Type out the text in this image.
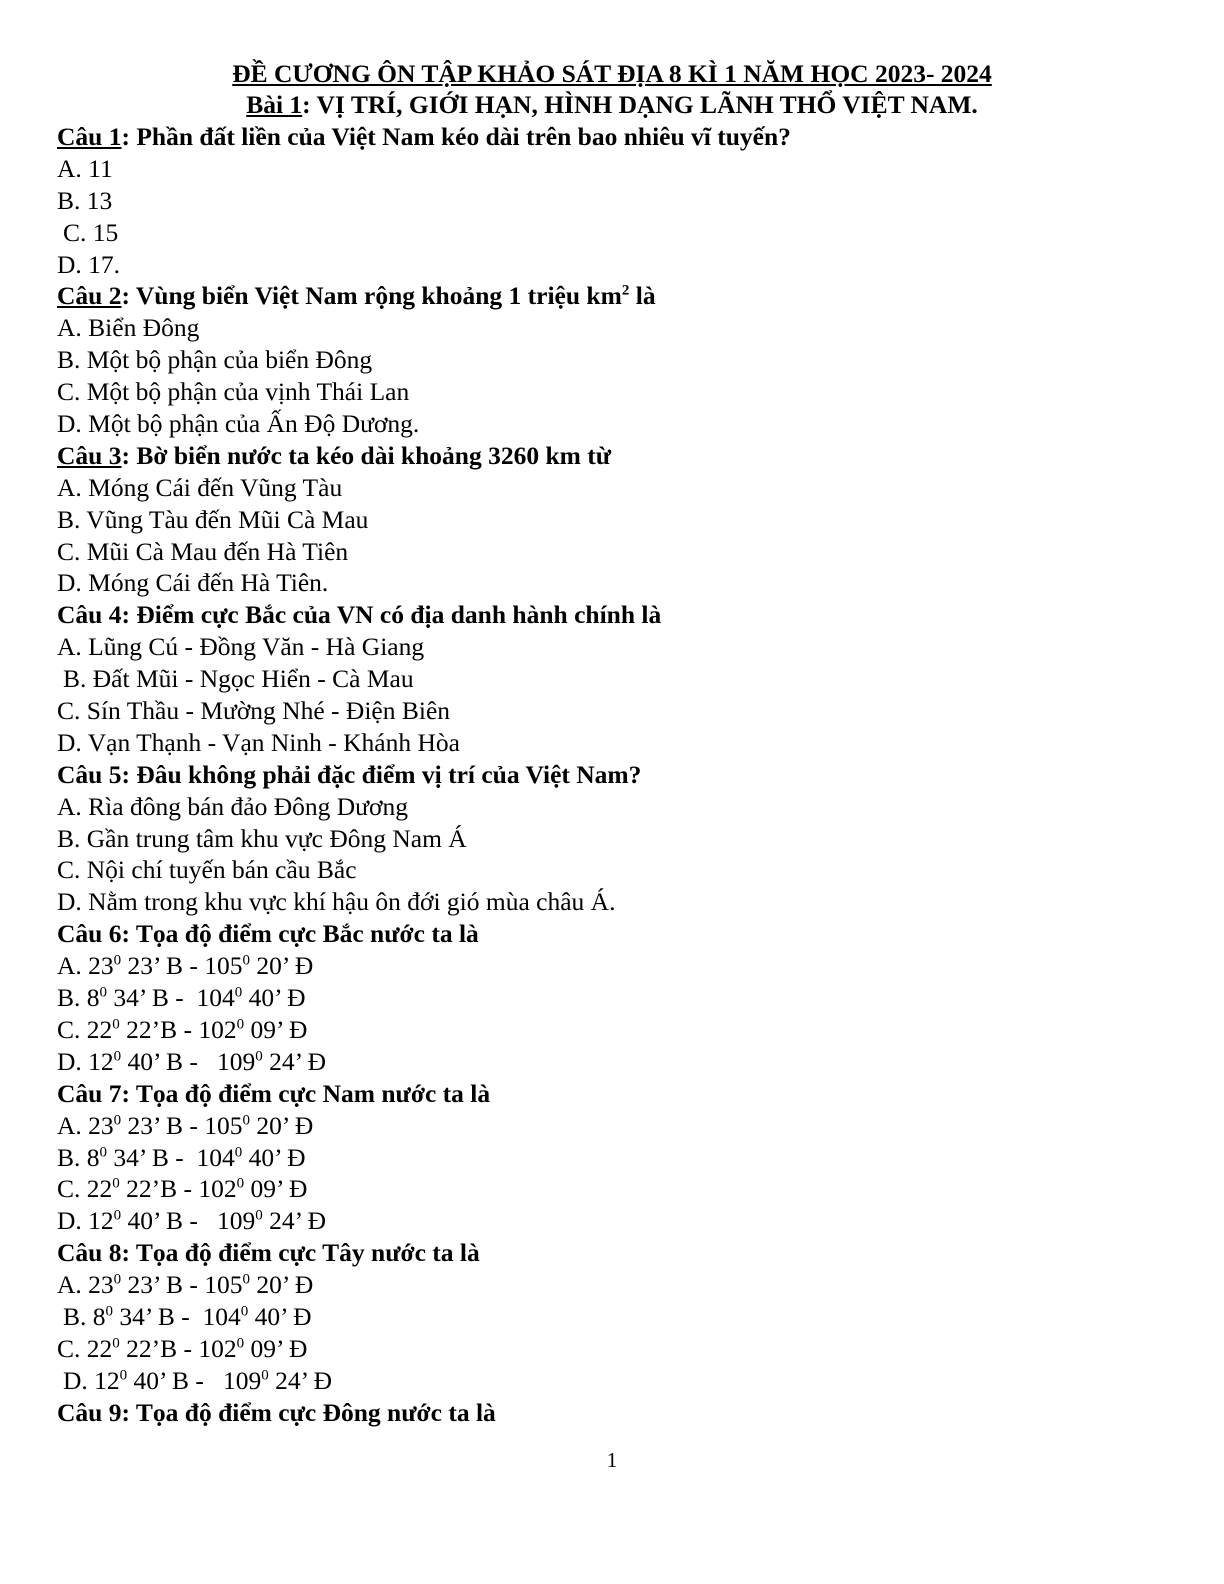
ĐỀ CƯƠNG ÔN TẬP KHẢO SÁT ĐỊA 8 KÌ 1 NĂM HỌC 2023- 2024
Bài 1: VỊ TRÍ, GIỚI HẠN, HÌNH DẠNG LÃNH THỔ VIỆT NAM.
Câu 1: Phần đất liền của Việt Nam kéo dài trên bao nhiêu vĩ tuyến?
A. 11
B. 13
C. 15
D. 17.
Câu 2: Vùng biển Việt Nam rộng khoảng 1 triệu $km^2$ là
A. Biển Đông
B. Một bộ phận của biển Đông
C. Một bộ phận của vịnh Thái Lan
D. Một bộ phận của Ấn Độ Dương.
Câu 3: Bờ biển nước ta kéo dài khoảng 3260 km từ
A. Móng Cái đến Vũng Tàu
B. Vũng Tàu đến Mũi Cà Mau
C. Mũi Cà Mau đến Hà Tiên
D. Móng Cái đến Hà Tiên.
Câu 4: Điểm cực Bắc của VN có địa danh hành chính là
A. Lũng Cú - Đồng Văn - Hà Giang
B. Đất Mũi - Ngọc Hiển - Cà Mau
C. Sín Thầu - Mường Nhé - Điện Biên
D. Vạn Thạnh - Vạn Ninh - Khánh Hòa
Câu 5: Đâu không phải đặc điểm vị trí của Việt Nam?
A. Rìa đông bán đảo Đông Dương
B. Gần trung tâm khu vực Đông Nam Á
C. Nội chí tuyến bán cầu Bắc
D. Nằm trong khu vực khí hậu ôn đới gió mùa châu Á.
Câu 6: Tọa độ điểm cực Bắc nước ta là
A. $23^0$ 23’ B - $105^0$ 20’ Đ
B. $8^0$ 34’ B -  $104^0$ 40’ Đ
C. $22^0$ 22’B - $102^0$ 09’ Đ
D. $12^0$ 40’ B -   $109^0$ 24’ Đ
Câu 7: Tọa độ điểm cực Nam nước ta là
A. $23^0$ 23’ B - $105^0$ 20’ Đ
B. $8^0$ 34’ B -  $104^0$ 40’ Đ
C. $22^0$ 22’B - $102^0$ 09’ Đ
D. $12^0$ 40’ B -   $109^0$ 24’ Đ
Câu 8: Tọa độ điểm cực Tây nước ta là
A. $23^0$ 23’ B - $105^0$ 20’ Đ
B. $8^0$ 34’ B -  $104^0$ 40’ Đ
C. $22^0$ 22’B - $102^0$ 09’ Đ
D. $12^0$ 40’ B -   $109^0$ 24’ Đ
Câu 9: Tọa độ điểm cực Đông nước ta là
1
